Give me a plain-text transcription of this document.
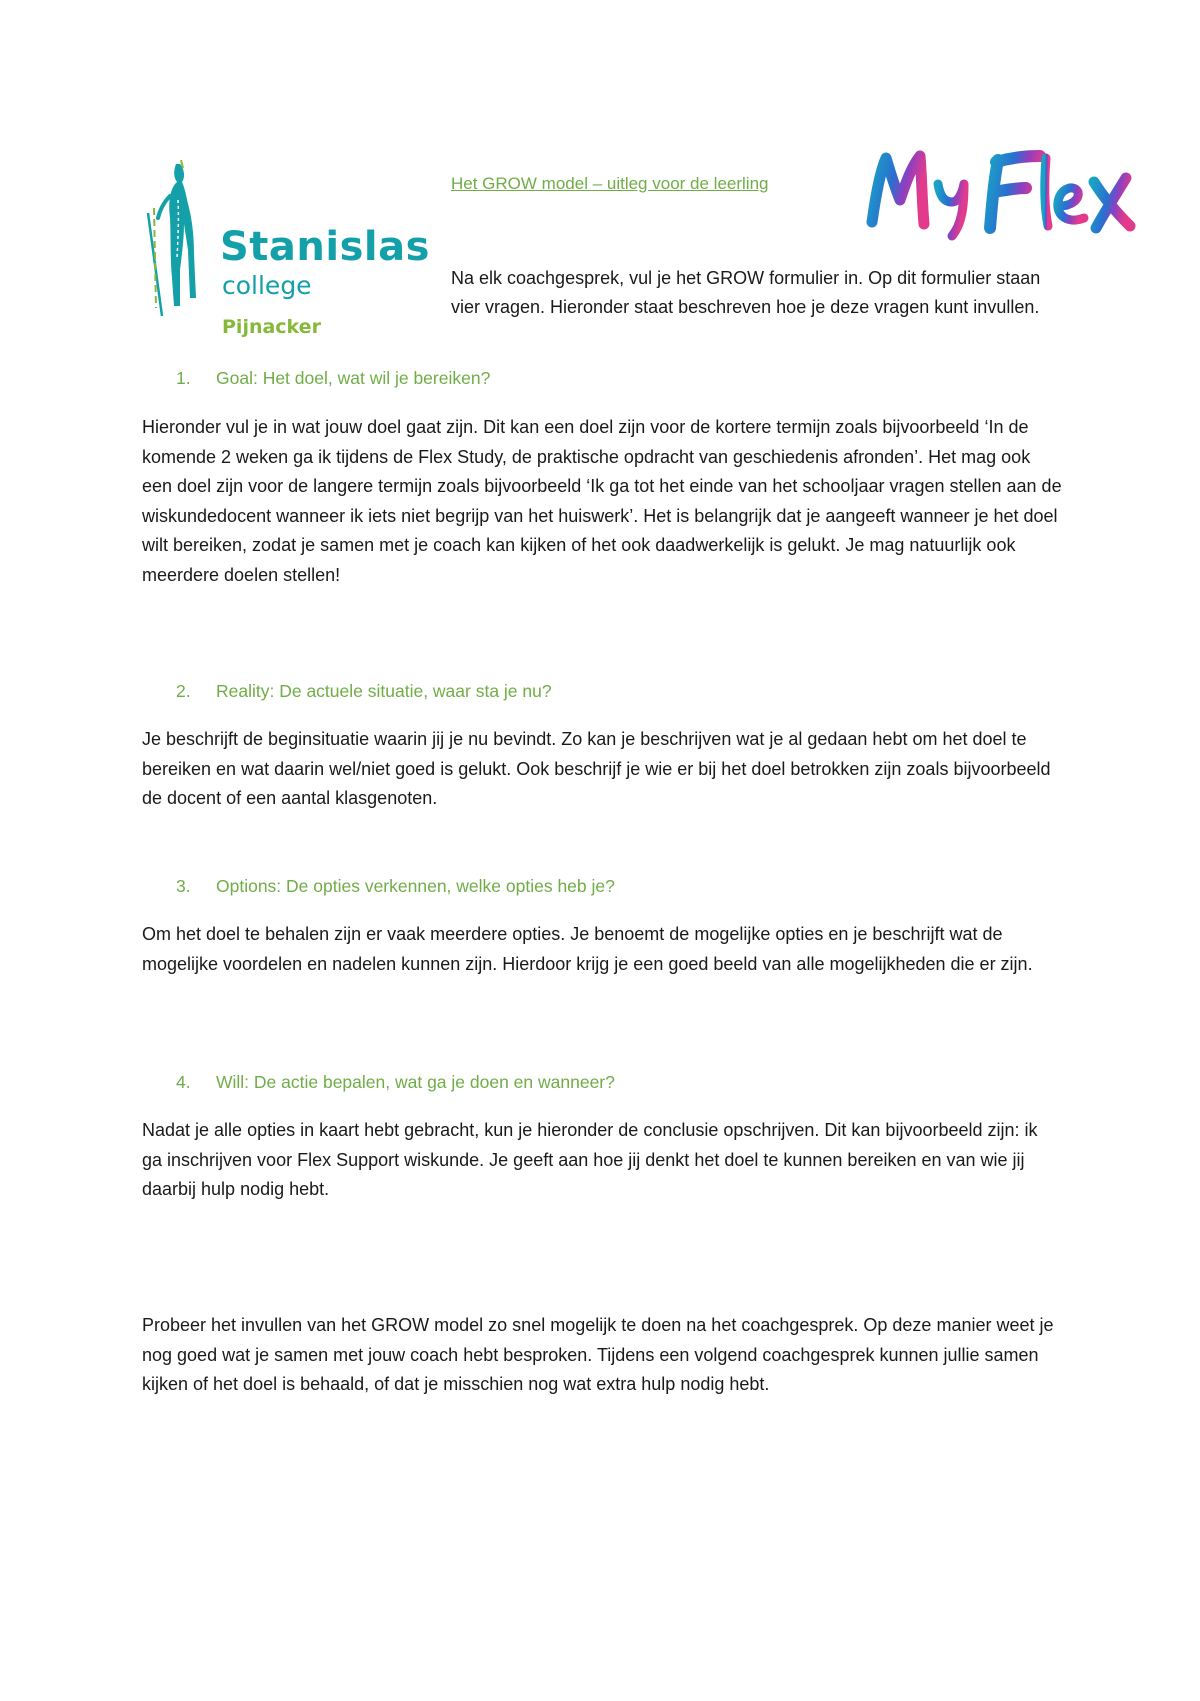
Stanislas
college
Pijnacker
Het GROW model – uitleg voor de leerling

Na elk coachgesprek, vul je het GROW formulier in. Op dit formulier staan vier vragen. Hieronder staat beschreven hoe je deze vragen kunt invullen.

1. Goal: Het doel, wat wil je bereiken?

Hieronder vul je in wat jouw doel gaat zijn. Dit kan een doel zijn voor de kortere termijn zoals bijvoorbeeld ‘In de komende 2 weken ga ik tijdens de Flex Study, de praktische opdracht van geschiedenis afronden’. Het mag ook een doel zijn voor de langere termijn zoals bijvoorbeeld ‘Ik ga tot het einde van het schooljaar vragen stellen aan de wiskundedocent wanneer ik iets niet begrijp van het huiswerk’. Het is belangrijk dat je aangeeft wanneer je het doel wilt bereiken, zodat je samen met je coach kan kijken of het ook daadwerkelijk is gelukt. Je mag natuurlijk ook meerdere doelen stellen!

2. Reality: De actuele situatie, waar sta je nu?

Je beschrijft de beginsituatie waarin jij je nu bevindt. Zo kan je beschrijven wat je al gedaan hebt om het doel te bereiken en wat daarin wel/niet goed is gelukt. Ook beschrijf je wie er bij het doel betrokken zijn zoals bijvoorbeeld de docent of een aantal klasgenoten.

3. Options: De opties verkennen, welke opties heb je?

Om het doel te behalen zijn er vaak meerdere opties. Je benoemt de mogelijke opties en je beschrijft wat de mogelijke voordelen en nadelen kunnen zijn. Hierdoor krijg je een goed beeld van alle mogelijkheden die er zijn.

4. Will: De actie bepalen, wat ga je doen en wanneer?

Nadat je alle opties in kaart hebt gebracht, kun je hieronder de conclusie opschrijven. Dit kan bijvoorbeeld zijn: ik ga inschrijven voor Flex Support wiskunde. Je geeft aan hoe jij denkt het doel te kunnen bereiken en van wie jij daarbij hulp nodig hebt.

Probeer het invullen van het GROW model zo snel mogelijk te doen na het coachgesprek. Op deze manier weet je nog goed wat je samen met jouw coach hebt besproken. Tijdens een volgend coachgesprek kunnen jullie samen kijken of het doel is behaald, of dat je misschien nog wat extra hulp nodig hebt.
